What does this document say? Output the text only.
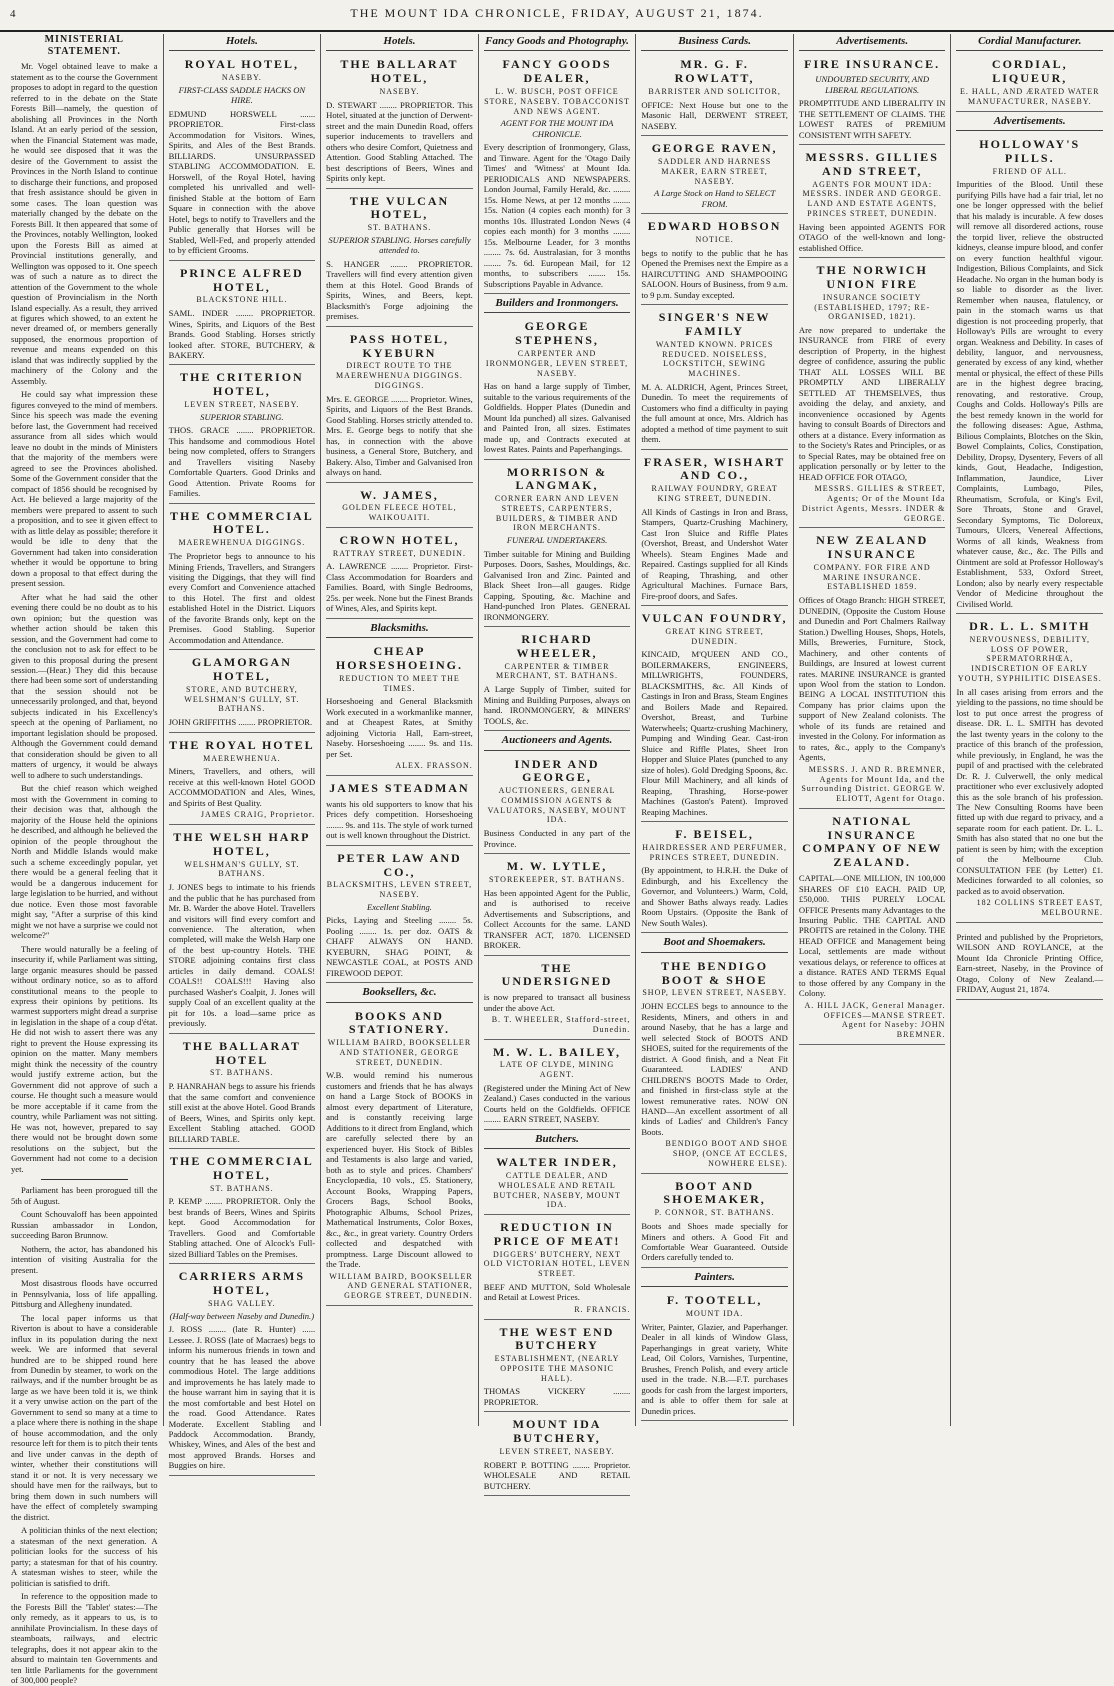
4	THE MOUNT IDA CHRONICLE, FRIDAY, AUGUST 21, 1874.
MINISTERIAL STATEMENT.

Mr. Vogel obtained leave to make a statement as to the course the Government proposes to adopt in regard to the question referred to in the debate on the State Forests Bill—namely, the question of abolishing all Provinces in the North Island. At an early period of the session, when the Financial Statement was made, he would see disposed that it was the desire of the Government to assist the Provinces in the North Island to continue to discharge their functions, and proposed that fresh assistance should be given in some cases. The loan question was materially changed by the debate on the Forests Bill. It then appeared that some of the Provinces, notably Wellington, looked upon the Forests Bill as aimed at Provincial institutions generally, and Wellington was opposed to it. One speech was of such a nature as to direct the attention of the Government to the whole question of Provincialism in the North Island especially. As a result, they arrived at figures which showed, to an extent he never dreamed of, or members generally supposed, the enormous proportion of revenue and means expended on this island that was indirectly supplied by the machinery of the Colony and the Assembly.

He could say what impression these figures conveyed to the mind of members. Since his speech was made the evening before last, the Government had received assurance from all sides which would leave no doubt in the minds of Ministers that the majority of the members were agreed to see the Provinces abolished. Some of the Government consider that the compact of 1856 should be recognised by Act. He believed a large majority of the members were prepared to assent to such a proposition, and to see it given effect to with as little delay as possible; therefore it would be idle to deny that the Government had taken into consideration whether it would be opportune to bring down a proposal to that effect during the present session.

After what he had said the other evening there could be no doubt as to his own opinion; but the question was whether action should be taken this session, and the Government had come to the conclusion not to ask for effect to be given to this proposal during the present session.—(Hear.) They did this because there had been some sort of understanding that the session should not be unnecessarily prolonged, and that, beyond subjects indicated in his Excellency's speech at the opening of Parliament, no important legislation should be proposed. Although the Government could demand that consideration should be given to all matters of urgency, it would be always well to adhere to such understandings.

But the chief reason which weighed most with the Government in coming to their decision was that, although the majority of the House held the opinions he described, and although he believed the opinion of the people throughout the North and Middle Islands would make such a scheme exceedingly popular, yet there would be a general feeling that it would be a dangerous inducement for large legislation to be hurried, and without due notice. Even those most favorable might say, "After a surprise of this kind might we not have a surprise we could not welcome?"

There would naturally be a feeling of insecurity if, while Parliament was sitting, large organic measures should be passed without ordinary notice, so as to afford constitutional means to the people to express their opinions by petitions. Its warmest supporters might dread a surprise in legislation in the shape of a coup d'état. He did not wish to assert there was any right to prevent the House expressing its opinion on the matter. Many members might think the necessity of the country would justify extreme action, but the Government did not approve of such a course. He thought such a measure would be more acceptable if it came from the country, while Parliament was not sitting. He was not, however, prepared to say there would not be brought down some resolutions on the subject, but the Government had not come to a decision yet.

Parliament has been prorogued till the 5th of August.

Count Schouvaloff has been appointed Russian ambassador in London, succeeding Baron Brunnow.

Nothern, the actor, has abandoned his intention of visiting Australia for the present.

Most disastrous floods have occurred in Pennsylvania, loss of life appalling. Pittsburg and Allegheny inundated.

The local paper informs us that Riverton is about to have a considerable influx in its population during the next week. We are informed that several hundred are to be shipped round here from Dunedin by steamer, to work on the railways, and if the number brought be as large as we have been told it is, we think it a very unwise action on the part of the Government to send so many at a time to a place where there is nothing in the shape of house accommodation, and the only resource left for them is to pitch their tents and live under canvas in the depth of winter, whether their constitutions will stand it or not. It is very necessary we should have men for the railways, but to bring them down in such numbers will have the effect of completely swamping the district.

A politician thinks of the next election; a statesman of the next generation. A politician looks for the success of his party; a statesman for that of his country. A statesman wishes to steer, while the politician is satisfied to drift.

In reference to the opposition made to the Forests Bill the 'Tablet' states:—The only remedy, as it appears to us, is to annihilate Provincialism. In these days of steamboats, railways, and electric telegraphs, does it not appear akin to the absurd to maintain ten Governments and ten little Parliaments for the government of 300,000 people?

Hotels.
ROYAL HOTEL,
NASEBY.
FIRST-CLASS SADDLE HACKS ON HIRE.
EDMUND HORSWELL ....... PROPRIETOR. First-class Accommodation for Visitors. Wines, Spirits, and Ales of the Best Brands. BILLIARDS. UNSURPASSED STABLING ACCOMMODATION. E. Horswell, of the Royal Hotel, having completed his unrivalled and well-finished Stable at the bottom of Earn Square in connection with the above Hotel, begs to notify to Travellers and the Public generally that Horses will be Stabled, Well-Fed, and properly attended to by efficient Grooms.
PRINCE ALFRED HOTEL,
BLACKSTONE HILL.
SAML. INDER ........ PROPRIETOR. Wines, Spirits, and Liquors of the Best Brands. Good Stabling. Horses strictly looked after. STORE, BUTCHERY, & BAKERY.
THE CRITERION HOTEL,
LEVEN STREET, NASEBY.
SUPERIOR STABLING.
THOS. GRACE ........ PROPRIETOR. This handsome and commodious Hotel being now completed, offers to Strangers and Travellers visiting Naseby Comfortable Quarters. Good Drinks and Good Attention. Private Rooms for Families.
THE COMMERCIAL HOTEL.
MAEREWHENUA DIGGINGS.
The Proprietor begs to announce to his Mining Friends, Travellers, and Strangers visiting the Diggings, that they will find every Comfort and Convenience attached to this Hotel. The first and oldest established Hotel in the District. Liquors of the favorite Brands only, kept on the Premises. Good Stabling. Superior Accommodation and Attendance.
GLAMORGAN HOTEL,
STORE, AND BUTCHERY, WELSHMAN'S GULLY, ST. BATHANS.
JOHN GRIFFITHS ........ PROPRIETOR.
THE ROYAL HOTEL
MAEREWHENUA.
Miners, Travellers, and others, will receive at this well-known Hotel GOOD ACCOMMODATION and Ales, Wines, and Spirits of Best Quality.
JAMES CRAIG, Proprietor.
THE WELSH HARP HOTEL,
WELSHMAN'S GULLY, ST. BATHANS.
J. JONES begs to intimate to his friends and the public that he has purchased from Mr. B. Warder the above Hotel. Travellers and visitors will find every comfort and convenience. The alteration, when completed, will make the Welsh Harp one of the best up-country Hotels. THE STORE adjoining contains first class articles in daily demand. COALS! COALS!! COALS!!! Having also purchased Washer's Coalpit, J. Jones will supply Coal of an excellent quality at the pit for 10s. a load—same price as previously.
THE BALLARAT HOTEL
ST. BATHANS.
P. HANRAHAN begs to assure his friends that the same comfort and convenience still exist at the above Hotel. Good Brands of Beers, Wines, and Spirits only kept. Excellent Stabling attached. GOOD BILLIARD TABLE.
THE COMMERCIAL HOTEL,
ST. BATHANS.
P. KEMP ........ PROPRIETOR. Only the best brands of Beers, Wines and Spirits kept. Good Accommodation for Travellers. Good and Comfortable Stabling attached. One of Alcock's Full-sized Billiard Tables on the Premises.
CARRIERS ARMS HOTEL,
SHAG VALLEY.
(Half-way between Naseby and Dunedin.)
J. ROSS ........ (late R. Hunter) ...... Lessee. J. ROSS (late of Macraes) begs to inform his numerous friends in town and country that he has leased the above commodious Hotel. The large additions and improvements he has lately made to the house warrant him in saying that it is the most comfortable and best Hotel on the road. Good Attendance. Rates Moderate. Excellent Stabling and Paddock Accommodation. Brandy, Whiskey, Wines, and Ales of the best and most approved Brands. Horses and Buggies on hire.
Hotels.
THE BALLARAT HOTEL,
NASEBY.
D. STEWART ........ PROPRIETOR. This Hotel, situated at the junction of Derwent-street and the main Dunedin Road, offers superior inducements to travellers and others who desire Comfort, Quietness and Attention. Good Stabling Attached. The best descriptions of Beers, Wines and Spirits only kept.
THE VULCAN HOTEL,
ST. BATHANS.
SUPERIOR STABLING. Horses carefully attended to.
S. HANGER ........ PROPRIETOR. Travellers will find every attention given them at this Hotel. Good Brands of Spirits, Wines, and Beers, kept. Blacksmith's Forge adjoining the premises.
PASS HOTEL, KYEBURN
DIRECT ROUTE TO THE MAEREWHENUA DIGGINGS. DIGGINGS.
Mrs. E. GEORGE ........ Proprietor. Wines, Spirits, and Liquors of the Best Brands. Good Stabling. Horses strictly attended to. Mrs. E. George begs to notify that she has, in connection with the above business, a General Store, Butchery, and Bakery. Also, Timber and Galvanised Iron always on hand.
W. JAMES,
GOLDEN FLEECE HOTEL, WAIKOUAITI.
CROWN HOTEL,
RATTRAY STREET, DUNEDIN.
A. LAWRENCE ........ Proprietor. First-Class Accommodation for Boarders and Families. Board, with Single Bedrooms, 25s. per week. None but the Finest Brands of Wines, Ales, and Spirits kept.
Blacksmiths.
CHEAP HORSESHOEING.
REDUCTION TO MEET THE TIMES.
Horseshoeing and General Blacksmith Work executed in a workmanlike manner, and at Cheapest Rates, at Smithy adjoining Victoria Hall, Earn-street, Naseby. Horseshoeing ........ 9s. and 11s. per Set.
ALEX. FRASSON.
JAMES STEADMAN
wants his old supporters to know that his Prices defy competition. Horseshoeing ........ 9s. and 11s. The style of work turned out is well known throughout the District.
PETER LAW AND CO.,
BLACKSMITHS, LEVEN STREET, NASEBY.
Excellent Stabling.
Picks, Laying and Steeling ........ 5s. Pooling ........ 1s. per doz. OATS & CHAFF ALWAYS ON HAND. KYEBURN, SHAG POINT, & NEWCASTLE COAL, at POSTS AND FIREWOOD DEPOT.
Booksellers, &c.
BOOKS AND STATIONERY.
WILLIAM BAIRD, BOOKSELLER AND STATIONER, GEORGE STREET, DUNEDIN.
W.B. would remind his numerous customers and friends that he has always on hand a Large Stock of BOOKS in almost every department of Literature, and is constantly receiving large Additions to it direct from England, which are carefully selected there by an experienced buyer. His Stock of Bibles and Testaments is also large and varied, both as to style and prices. Chambers' Encyclopædia, 10 vols., £5. Stationery, Account Books, Wrapping Papers, Grocers Bags, School Books, Photographic Albums, School Prizes, Mathematical Instruments, Color Boxes, &c., &c., in great variety. Country Orders collected and despatched with promptness. Large Discount allowed to the Trade.
WILLIAM BAIRD, BOOKSELLER AND GENERAL STATIONER, GEORGE STREET, DUNEDIN.
Fancy Goods and Photography.
FANCY GOODS DEALER,
L. W. BUSCH, POST OFFICE STORE, NASEBY. TOBACCONIST AND NEWS AGENT.
AGENT FOR THE MOUNT IDA CHRONICLE.
Every description of Ironmongery, Glass, and Tinware. Agent for the 'Otago Daily Times' and 'Witness' at Mount Ida. PERIODICALS AND NEWSPAPERS. London Journal, Family Herald, &c. ........ 15s. Home News, at per 12 months ........ 15s. Nation (4 copies each month) for 3 months 10s. Illustrated London News (4 copies each month) for 3 months ........ 15s. Melbourne Leader, for 3 months ........ 7s. 6d. Australasian, for 3 months ........ 7s. 6d. European Mail, for 12 months, to subscribers ........ 15s. Subscriptions Payable in Advance.
Builders and Ironmongers.
GEORGE STEPHENS,
CARPENTER AND IRONMONGER, LEVEN STREET, NASEBY.
Has on hand a large supply of Timber, suitable to the various requirements of the Goldfields. Hopper Plates (Dunedin and Mount Ida punched) all sizes. Galvanised and Painted Iron, all sizes. Estimates made up, and Contracts executed at lowest Rates. Paints and Paperhangings.
MORRISON & LANGMAK,
CORNER EARN AND LEVEN STREETS, CARPENTERS, BUILDERS, & TIMBER AND IRON MERCHANTS.
FUNERAL UNDERTAKERS.
Timber suitable for Mining and Building Purposes. Doors, Sashes, Mouldings, &c. Galvanised Iron and Zinc. Painted and Black Sheet Iron—all gauges. Ridge Capping, Spouting, &c. Machine and Hand-punched Iron Plates. GENERAL IRONMONGERY.
RICHARD WHEELER,
CARPENTER & TIMBER MERCHANT, ST. BATHANS.
A Large Supply of Timber, suited for Mining and Building Purposes, always on hand. IRONMONGERY, & MINERS' TOOLS, &c.
Auctioneers and Agents.
INDER AND GEORGE,
AUCTIONEERS, GENERAL COMMISSION AGENTS & VALUATORS, NASEBY, MOUNT IDA.
Business Conducted in any part of the Province.
M. W. LYTLE,
STOREKEEPER, ST. BATHANS.
Has been appointed Agent for the Public, and is authorised to receive Advertisements and Subscriptions, and Collect Accounts for the same. LAND TRANSFER ACT, 1870. LICENSED BROKER.
THE UNDERSIGNED
is now prepared to transact all business under the above Act.
B. T. WHEELER, Stafford-street, Dunedin.
M. W. L. BAILEY,
LATE OF CLYDE, MINING AGENT.
(Registered under the Mining Act of New Zealand.) Cases conducted in the various Courts held on the Goldfields. OFFICE ........ EARN STREET, NASEBY.
Butchers.
WALTER INDER,
CATTLE DEALER, AND WHOLESALE AND RETAIL BUTCHER, NASEBY, MOUNT IDA.
REDUCTION IN PRICE OF MEAT!
DIGGERS' BUTCHERY, NEXT OLD VICTORIAN HOTEL, LEVEN STREET.
BEEF AND MUTTON, Sold Wholesale and Retail at Lowest Prices.
R. FRANCIS.
THE WEST END BUTCHERY
ESTABLISHMENT, (NEARLY OPPOSITE THE MASONIC HALL).
THOMAS VICKERY ........ PROPRIETOR.
MOUNT IDA BUTCHERY,
LEVEN STREET, NASEBY.
ROBERT P. BOTTING ........ Proprietor. WHOLESALE AND RETAIL BUTCHERY.
Business Cards.
MR. G. F. ROWLATT,
BARRISTER AND SOLICITOR,
OFFICE: Next House but one to the Masonic Hall, DERWENT STREET, NASEBY.
GEORGE RAVEN,
SADDLER AND HARNESS MAKER, EARN STREET, NASEBY.
A Large Stock on Hand to SELECT FROM.
EDWARD HOBSON
NOTICE.
begs to notify to the public that he has Opened the Premises next the Empire as a HAIRCUTTING AND SHAMPOOING SALOON. Hours of Business, from 9 a.m. to 9 p.m. Sunday excepted.
SINGER'S NEW FAMILY
WANTED KNOWN. PRICES REDUCED. NOISELESS, LOCKSTITCH, SEWING MACHINES.
M. A. ALDRICH, Agent, Princes Street, Dunedin. To meet the requirements of Customers who find a difficulty in paying the full amount at once, Mrs. Aldrich has adopted a method of time payment to suit them.
FRASER, WISHART AND CO.,
RAILWAY FOUNDRY, GREAT KING STREET, DUNEDIN.
All Kinds of Castings in Iron and Brass, Stampers, Quartz-Crushing Machinery, Cast Iron Sluice and Riffle Plates (Overshot, Breast, and Undershot Water Wheels). Steam Engines Made and Repaired. Castings supplied for all Kinds of Reaping, Thrashing, and other Agricultural Machines. Furnace Bars, Fire-proof doors, and Safes.
VULCAN FOUNDRY,
GREAT KING STREET, DUNEDIN.
KINCAID, M'QUEEN AND CO., BOILERMAKERS, ENGINEERS, MILLWRIGHTS, FOUNDERS, BLACKSMITHS, &c. All Kinds of Castings in Iron and Brass, Steam Engines and Boilers Made and Repaired. Overshot, Breast, and Turbine Waterwheels; Quartz-crushing Machinery, Pumping and Winding Gear. Cast-iron Sluice and Riffle Plates, Sheet Iron Hopper and Sluice Plates (punched to any size of holes). Gold Dredging Spoons, &c. Flour Mill Machinery, and all kinds of Reaping, Thrashing, Horse-power Machines (Gaston's Patent). Improved Reaping Machines.
F. BEISEL,
HAIRDRESSER AND PERFUMER, PRINCES STREET, DUNEDIN.
(By appointment, to H.R.H. the Duke of Edinburgh, and his Excellency the Governor, and Volunteers.) Warm, Cold, and Shower Baths always ready. Ladies Room Upstairs. (Opposite the Bank of New South Wales).
Boot and Shoemakers.
THE BENDIGO BOOT & SHOE
SHOP, LEVEN STREET, NASEBY.
JOHN ECCLES begs to announce to the Residents, Miners, and others in and around Naseby, that he has a large and well selected Stock of BOOTS AND SHOES, suited for the requirements of the district. A Good finish, and a Neat Fit Guaranteed. LADIES' AND CHILDREN'S BOOTS Made to Order, and finished in first-class style at the lowest remunerative rates. NOW ON HAND—An excellent assortment of all kinds of Ladies' and Children's Fancy Boots.
BENDIGO BOOT AND SHOE SHOP, (ONCE AT ECCLES, NOWHERE ELSE).
BOOT AND SHOEMAKER,
P. CONNOR, ST. BATHANS.
Boots and Shoes made specially for Miners and others. A Good Fit and Comfortable Wear Guaranteed. Outside Orders carefully tended to.
Painters.
F. TOOTELL,
MOUNT IDA.
Writer, Painter, Glazier, and Paperhanger. Dealer in all kinds of Window Glass, Paperhangings in great variety, White Lead, Oil Colors, Varnishes, Turpentine, Brushes, French Polish, and every article used in the trade. N.B.—F.T. purchases goods for cash from the largest importers, and is able to offer them for sale at Dunedin prices.
Advertisements.
FIRE INSURANCE.
UNDOUBTED SECURITY, AND LIBERAL REGULATIONS.
PROMPTITUDE AND LIBERALITY IN THE SETTLEMENT OF CLAIMS. THE LOWEST RATES of PREMIUM CONSISTENT WITH SAFETY.
MESSRS. GILLIES AND STREET,
AGENTS FOR MOUNT IDA: MESSRS. INDER AND GEORGE. LAND AND ESTATE AGENTS, PRINCES STREET, DUNEDIN.
Having been appointed AGENTS FOR OTAGO of the well-known and long-established Office.
THE NORWICH UNION FIRE
INSURANCE SOCIETY (ESTABLISHED, 1797; RE-ORGANISED, 1821).
Are now prepared to undertake the INSURANCE from FIRE of every description of Property, in the highest degree of confidence, assuring the public THAT ALL LOSSES WILL BE PROMPTLY AND LIBERALLY SETTLED AT THEMSELVES, thus avoiding the delay, and anxiety, and inconvenience occasioned by Agents having to consult Boards of Directors and others at a distance. Every information as to the Society's Rates and Principles, or as to Special Rates, may be obtained free on application personally or by letter to the HEAD OFFICE FOR OTAGO,
MESSRS. GILLIES & STREET, Agents; Or of the Mount Ida District Agents, Messrs. INDER & GEORGE.
NEW ZEALAND INSURANCE
COMPANY. FOR FIRE AND MARINE INSURANCE. ESTABLISHED 1859.
Offices of Otago Branch: HIGH STREET, DUNEDIN, (Opposite the Custom House and Dunedin and Port Chalmers Railway Station.) Dwelling Houses, Shops, Hotels, Mills, Breweries, Furniture, Stock, Machinery, and other contents of Buildings, are Insured at lowest current rates. MARINE INSURANCE is granted upon Wool from the station to London. BEING A LOCAL INSTITUTION this Company has prior claims upon the support of New Zealand colonists. The whole of its funds are retained and invested in the Colony. For information as to rates, &c., apply to the Company's Agents,
MESSRS. J. AND R. BREMNER, Agents for Mount Ida, and the Surrounding District. GEORGE W. ELIOTT, Agent for Otago.
NATIONAL INSURANCE COMPANY OF NEW ZEALAND.
CAPITAL—ONE MILLION, IN 100,000 SHARES OF £10 EACH. PAID UP, £50,000. THIS PURELY LOCAL OFFICE Presents many Advantages to the Insuring Public. THE CAPITAL AND PROFITS are retained in the Colony. THE HEAD OFFICE and Management being Local, settlements are made without vexatious delays, or reference to offices at a distance. RATES AND TERMS Equal to those offered by any Company in the Colony.
A. HILL JACK, General Manager. OFFICES—MANSE STREET. Agent for Naseby: JOHN BREMNER.
Cordial Manufacturer.
CORDIAL, LIQUEUR,
E. HALL, AND ÆRATED WATER MANUFACTURER, NASEBY.
Advertisements.
HOLLOWAY'S PILLS.
FRIEND OF ALL.
Impurities of the Blood. Until these purifying Pills have had a fair trial, let no one be longer oppressed with the belief that his malady is incurable. A few doses will remove all disordered actions, rouse the torpid liver, relieve the obstructed kidneys, cleanse impure blood, and confer on every function healthful vigour. Indigestion, Bilious Complaints, and Sick Headache. No organ in the human body is so liable to disorder as the liver. Remember when nausea, flatulency, or pain in the stomach warns us that digestion is not proceeding properly, that Holloway's Pills are wrought to every organ. Weakness and Debility. In cases of debility, languor, and nervousness, generated by excess of any kind, whether mental or physical, the effect of these Pills are in the highest degree bracing, renovating, and restorative. Croup, Coughs and Colds. Holloway's Pills are the best remedy known in the world for the following diseases: Ague, Asthma, Bilious Complaints, Blotches on the Skin, Bowel Complaints, Colics, Constipation, Debility, Dropsy, Dysentery, Fevers of all kinds, Gout, Headache, Indigestion, Inflammation, Jaundice, Liver Complaints, Lumbago, Piles, Rheumatism, Scrofula, or King's Evil, Sore Throats, Stone and Gravel, Secondary Symptoms, Tic Doloreux, Tumours, Ulcers, Venereal Affections, Worms of all kinds, Weakness from whatever cause, &c., &c. The Pills and Ointment are sold at Professor Holloway's Establishment, 533, Oxford Street, London; also by nearly every respectable Vendor of Medicine throughout the Civilised World.
DR. L. L. SMITH
NERVOUSNESS, DEBILITY, LOSS OF POWER, SPERMATORRHŒA, INDISCRETION OF EARLY YOUTH, SYPHILITIC DISEASES.
In all cases arising from errors and the yielding to the passions, no time should be lost to put once arrest the progress of disease. DR. L. L. SMITH has devoted the last twenty years in the colony to the practice of this branch of the profession, while previously, in England, he was the pupil of and practised with the celebrated Dr. R. J. Culverwell, the only medical practitioner who ever exclusively adopted this as the sole branch of his profession. The New Consulting Rooms have been fitted up with due regard to privacy, and a separate room for each patient. Dr. L. L. Smith has also stated that no one but the patient is seen by him; with the exception of the Melbourne Club. CONSULTATION FEE (by Letter) £1. Medicines forwarded to all colonies, so packed as to avoid observation.
182 COLLINS STREET EAST, MELBOURNE.
Printed and published by the Proprietors, WILSON AND ROYLANCE, at the Mount Ida Chronicle Printing Office, Earn-street, Naseby, in the Province of Otago, Colony of New Zealand.—FRIDAY, August 21, 1874.
